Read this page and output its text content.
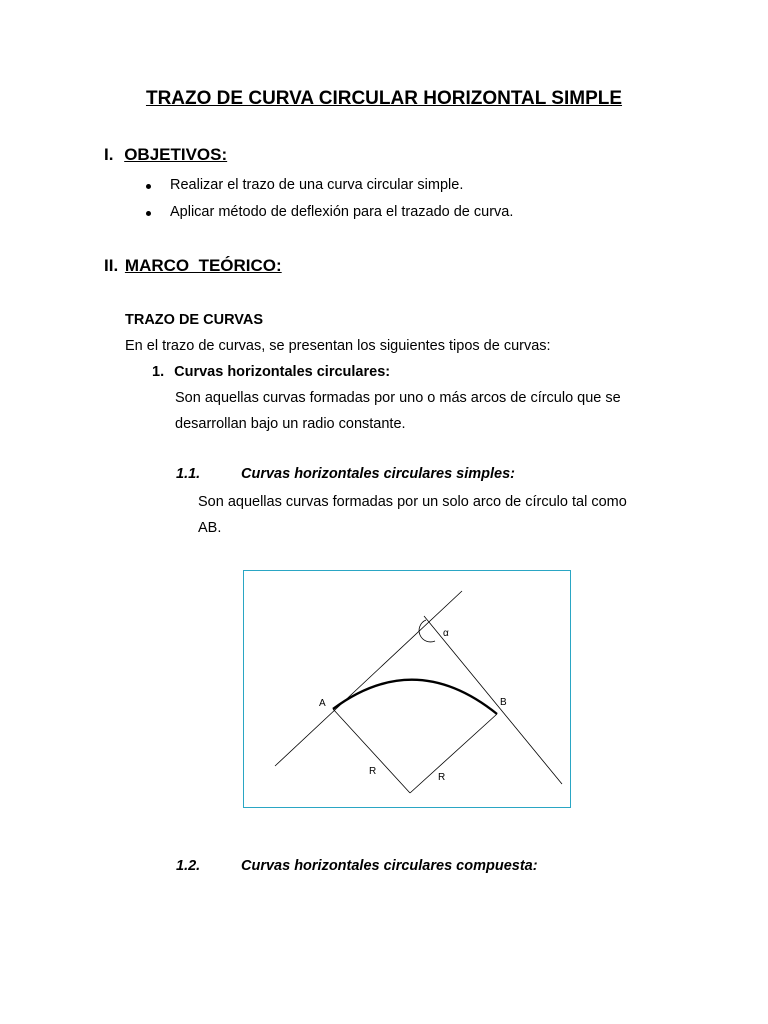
TRAZO DE CURVA CIRCULAR HORIZONTAL SIMPLE
I. OBJETIVOS:
Realizar el trazo de una curva circular simple.
Aplicar método de deflexión para el trazado de curva.
II. MARCO  TEÓRICO:
TRAZO DE CURVAS
En el trazo de curvas, se presentan los siguientes tipos de curvas:
1. Curvas horizontales circulares:
Son aquellas curvas formadas por uno o más arcos de círculo que se
desarrollan bajo un radio constante.
1.1.	Curvas horizontales circulares simples:
Son aquellas curvas formadas por un solo arco de círculo tal como
AB.
A	B
α
R
R
1.2.	Curvas horizontales circulares compuesta:
